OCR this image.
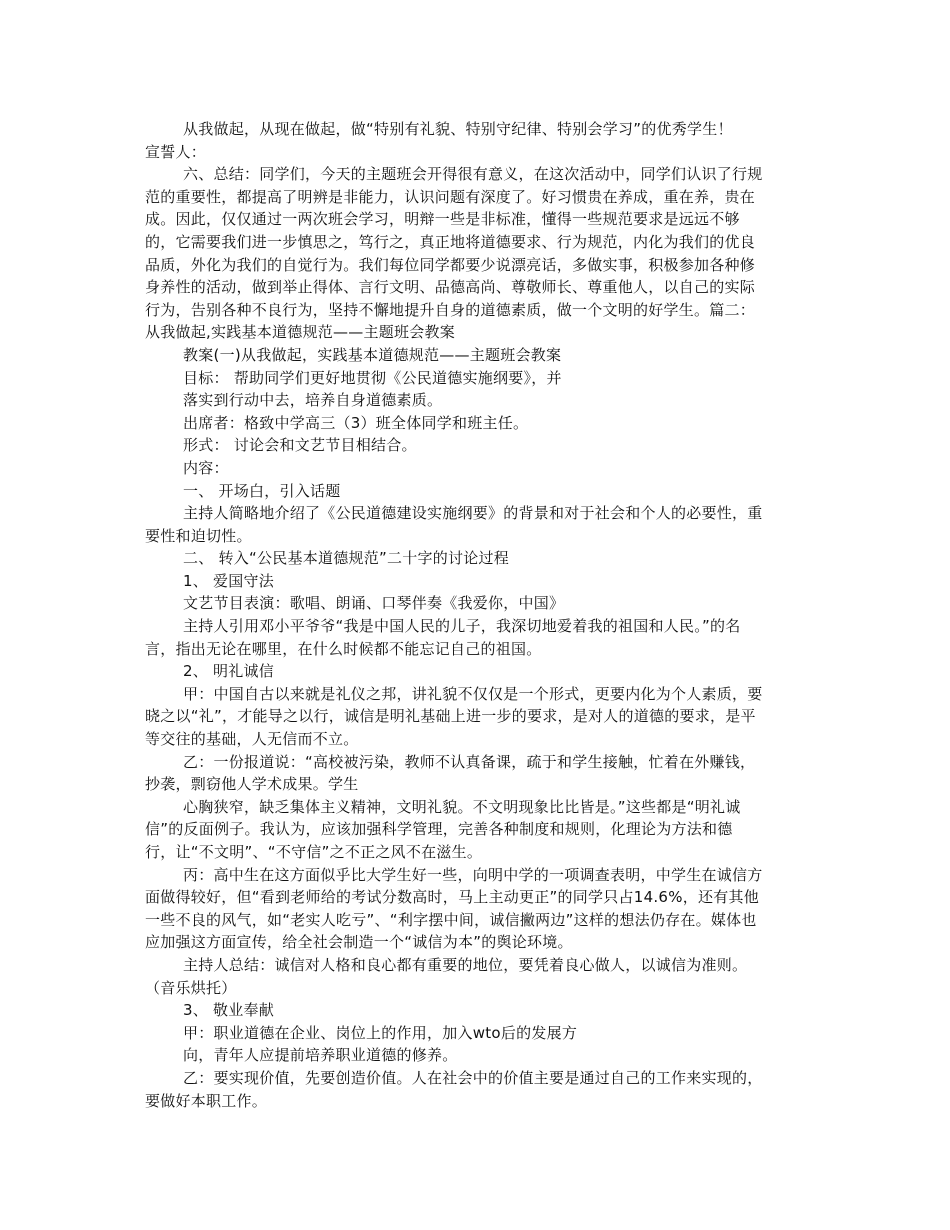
从我做起，从现在做起，做“特别有礼貌、特别守纪律、特别会学习”的优秀学生！
宣誓人：
六、总结：同学们，今天的主题班会开得很有意义，在这次活动中，同学们认识了行规
范的重要性，都提高了明辨是非能力，认识问题有深度了。好习惯贵在养成，重在养，贵在
成。因此，仅仅通过一两次班会学习，明辩一些是非标准，懂得一些规范要求是远远不够
的，它需要我们进一步慎思之，笃行之，真正地将道德要求、行为规范，内化为我们的优良
品质，外化为我们的自觉行为。我们每位同学都要少说漂亮话，多做实事，积极参加各种修
身养性的活动，做到举止得体、言行文明、品德高尚、尊敬师长、尊重他人，以自己的实际
行为，告别各种不良行为，坚持不懈地提升自身的道德素质，做一个文明的好学生。篇二：
从我做起,实践基本道德规范——主题班会教案
教案(一)从我做起，实践基本道德规范——主题班会教案
目标： 帮助同学们更好地贯彻《公民道德实施纲要》，并
落实到行动中去，培养自身道德素质。
出席者：格致中学高三（3）班全体同学和班主任。
形式： 讨论会和文艺节目相结合。
内容：
一、 开场白，引入话题
主持人简略地介绍了《公民道德建设实施纲要》的背景和对于社会和个人的必要性，重
要性和迫切性。
二、 转入“公民基本道德规范”二十字的讨论过程
1、 爱国守法
文艺节目表演：歌唱、朗诵、口琴伴奏《我爱你，中国》
主持人引用邓小平爷爷“我是中国人民的儿子，我深切地爱着我的祖国和人民。”的名
言，指出无论在哪里，在什么时候都不能忘记自己的祖国。
2、 明礼诚信
甲：中国自古以来就是礼仪之邦，讲礼貌不仅仅是一个形式，更要内化为个人素质，要
晓之以“礼”，才能导之以行，诚信是明礼基础上进一步的要求，是对人的道德的要求，是平
等交往的基础，人无信而不立。
乙：一份报道说：“高校被污染，教师不认真备课，疏于和学生接触，忙着在外赚钱，
抄袭，剽窃他人学术成果。学生
心胸狭窄，缺乏集体主义精神，文明礼貌。不文明现象比比皆是。”这些都是“明礼诚
信”的反面例子。我认为，应该加强科学管理，完善各种制度和规则，化理论为方法和德
行，让“不文明”、“不守信”之不正之风不在滋生。
丙：高中生在这方面似乎比大学生好一些，向明中学的一项调查表明，中学生在诚信方
面做得较好，但“看到老师给的考试分数高时，马上主动更正”的同学只占14.6%，还有其他
一些不良的风气，如“老实人吃亏”、“利字摆中间，诚信撇两边”这样的想法仍存在。媒体也
应加强这方面宣传，给全社会制造一个“诚信为本”的舆论环境。
主持人总结：诚信对人格和良心都有重要的地位，要凭着良心做人，以诚信为准则。
（音乐烘托）
3、 敬业奉献
甲：职业道德在企业、岗位上的作用，加入wto后的发展方
向，青年人应提前培养职业道德的修养。
乙：要实现价值，先要创造价值。人在社会中的价值主要是通过自己的工作来实现的，
要做好本职工作。
